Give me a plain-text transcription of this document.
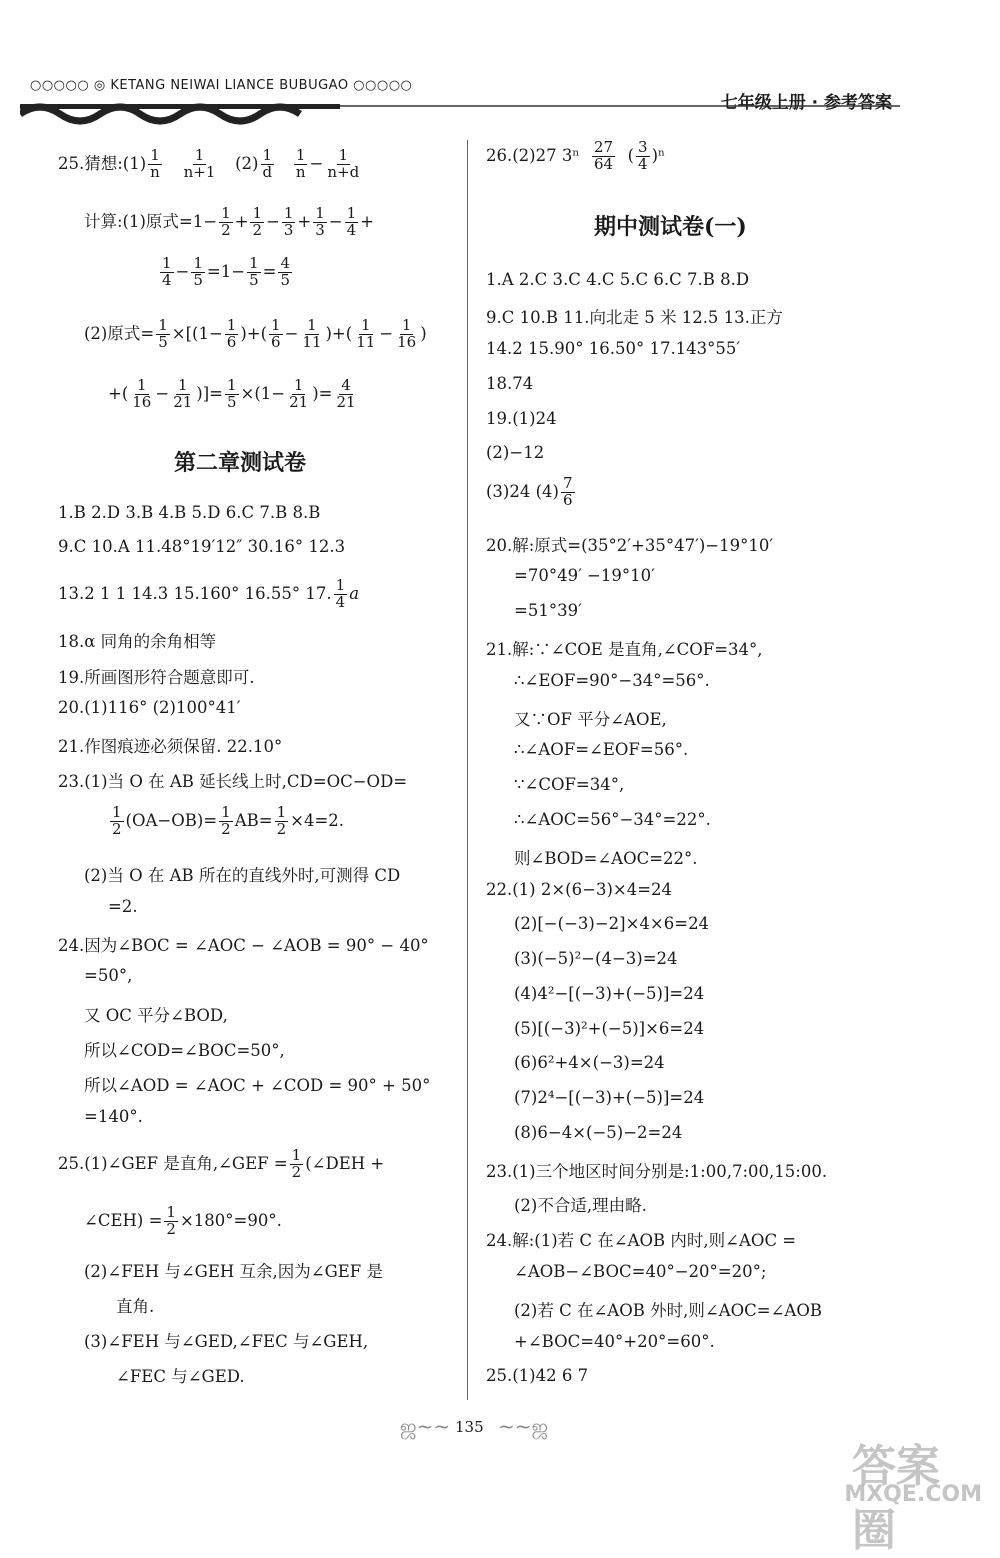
○○○○○ ◎ KETANG NEIWAI LIANCE BUBUGAO ○○○○○
七年级上册 · 参考答案
25.猜想:(1) $\frac{1}{n}$
$\frac{1}{n+1} (2) \frac{1}{d}$
$\frac{1}{n} - \frac{1}{n+d}$
计算:(1)原式$=1- \frac{1}{2} + \frac{1}{2} - \frac{1}{3} + \frac{1}{3} - \frac{1}{4}$ +
$\frac{1}{4} - \frac{1}{5} =1- \frac{1}{5} = \frac{4}{5}$
(2)原式= $\frac{1}{5} \times[(1- \frac{1}{6}$ )+( $\frac{1}{6} - \frac{1}{11}$ )+( $\frac{1}{11} - \frac{1}{16}$ )
+( $\frac{1}{16} - \frac{1}{21}$ )]= $\frac{1}{5} \times(1- \frac{1}{21}$ )= $\frac{4}{21}$
第二章测试卷
1.B 2.D 3.B 4.B 5.D 6.C 7.B 8.B
9.C 10.A 11.48°19′12″ 30.16° 12.3
13.2 1 1 14.3 15.160° 16.55° 17. $\frac{1}{4}$ a
18.α 同角的余角相等
19.所画图形符合题意即可.
20.(1)116° (2)100°41′
21.作图痕迹必须保留. 22.10°
23.(1)当 O 在 AB 延长线上时,CD=OC−OD=
$\frac{1}{2} (OA-OB)= \frac{1}{2} AB= \frac{1}{2} \times 4=2$.
(2)当 O 在 AB 所在的直线外时,可测得 CD
=2.
24.因为∠BOC = ∠AOC − ∠AOB = 90° − 40°
=50°,
又 OC 平分∠BOD,
所以∠COD=∠BOC=50°,
所以∠AOD = ∠AOC + ∠COD = 90° + 50°
=140°.
25.(1)∠GEF 是直角,∠GEF = $\frac{1}{2}$ (∠DEH +
∠CEH) = $\frac{1}{2} \times 180^\circ=90^\circ$.
(2)∠FEH 与∠GEH 互余,因为∠GEF 是
直角.
(3)∠FEH 与∠GED,∠FEC 与∠GEH,
∠FEC 与∠GED.
26.(2)27 $3^n \frac{27}{64}$ ( $\frac{3}{4} )^n$
期中测试卷(一)
1.A 2.C 3.C 4.C 5.C 6.C 7.B 8.D
9.C 10.B 11.向北走 5 米 12.5 13.正方
14.2 15.90° 16.50° 17.143°55′
18.74
19.(1)24
(2)−12
(3)24 $(4) \frac{7}{6}$
20.解:原式=(35°2′+35°47′)−19°10′
=70°49′ −19°10′
=51°39′
21.解:∵∠COE 是直角,∠COF=34°,
∴∠EOF=90°−34°=56°.
又∵OF 平分∠AOE,
∴∠AOF=∠EOF=56°.
∵∠COF=34°,
∴∠AOC=56°−34°=22°.
则∠BOD=∠AOC=22°.
22.(1) 2×(6−3)×4=24
(2)[−(−3)−2]×4×6=24
(3)(−5)²−(4−3)=24
(4)4²−[(−3)+(−5)]=24
(5)[(−3)²+(−5)]×6=24
(6)6²+4×(−3)=24
(7)2⁴−[(−3)+(−5)]=24
(8)6−4×(−5)−2=24
23.(1)三个地区时间分别是:1:00,7:00,15:00.
(2)不合适,理由略.
24.解:(1)若 C 在∠AOB 内时,则∠AOC =
∠AOB−∠BOC=40°−20°=20°;
(2)若 C 在∠AOB 外时,则∠AOC=∠AOB
+∠BOC=40°+20°=60°.
25.(1)42 6 7
ஜ~~ 135 ~~ஜ
答案圈
MXQE.COM
